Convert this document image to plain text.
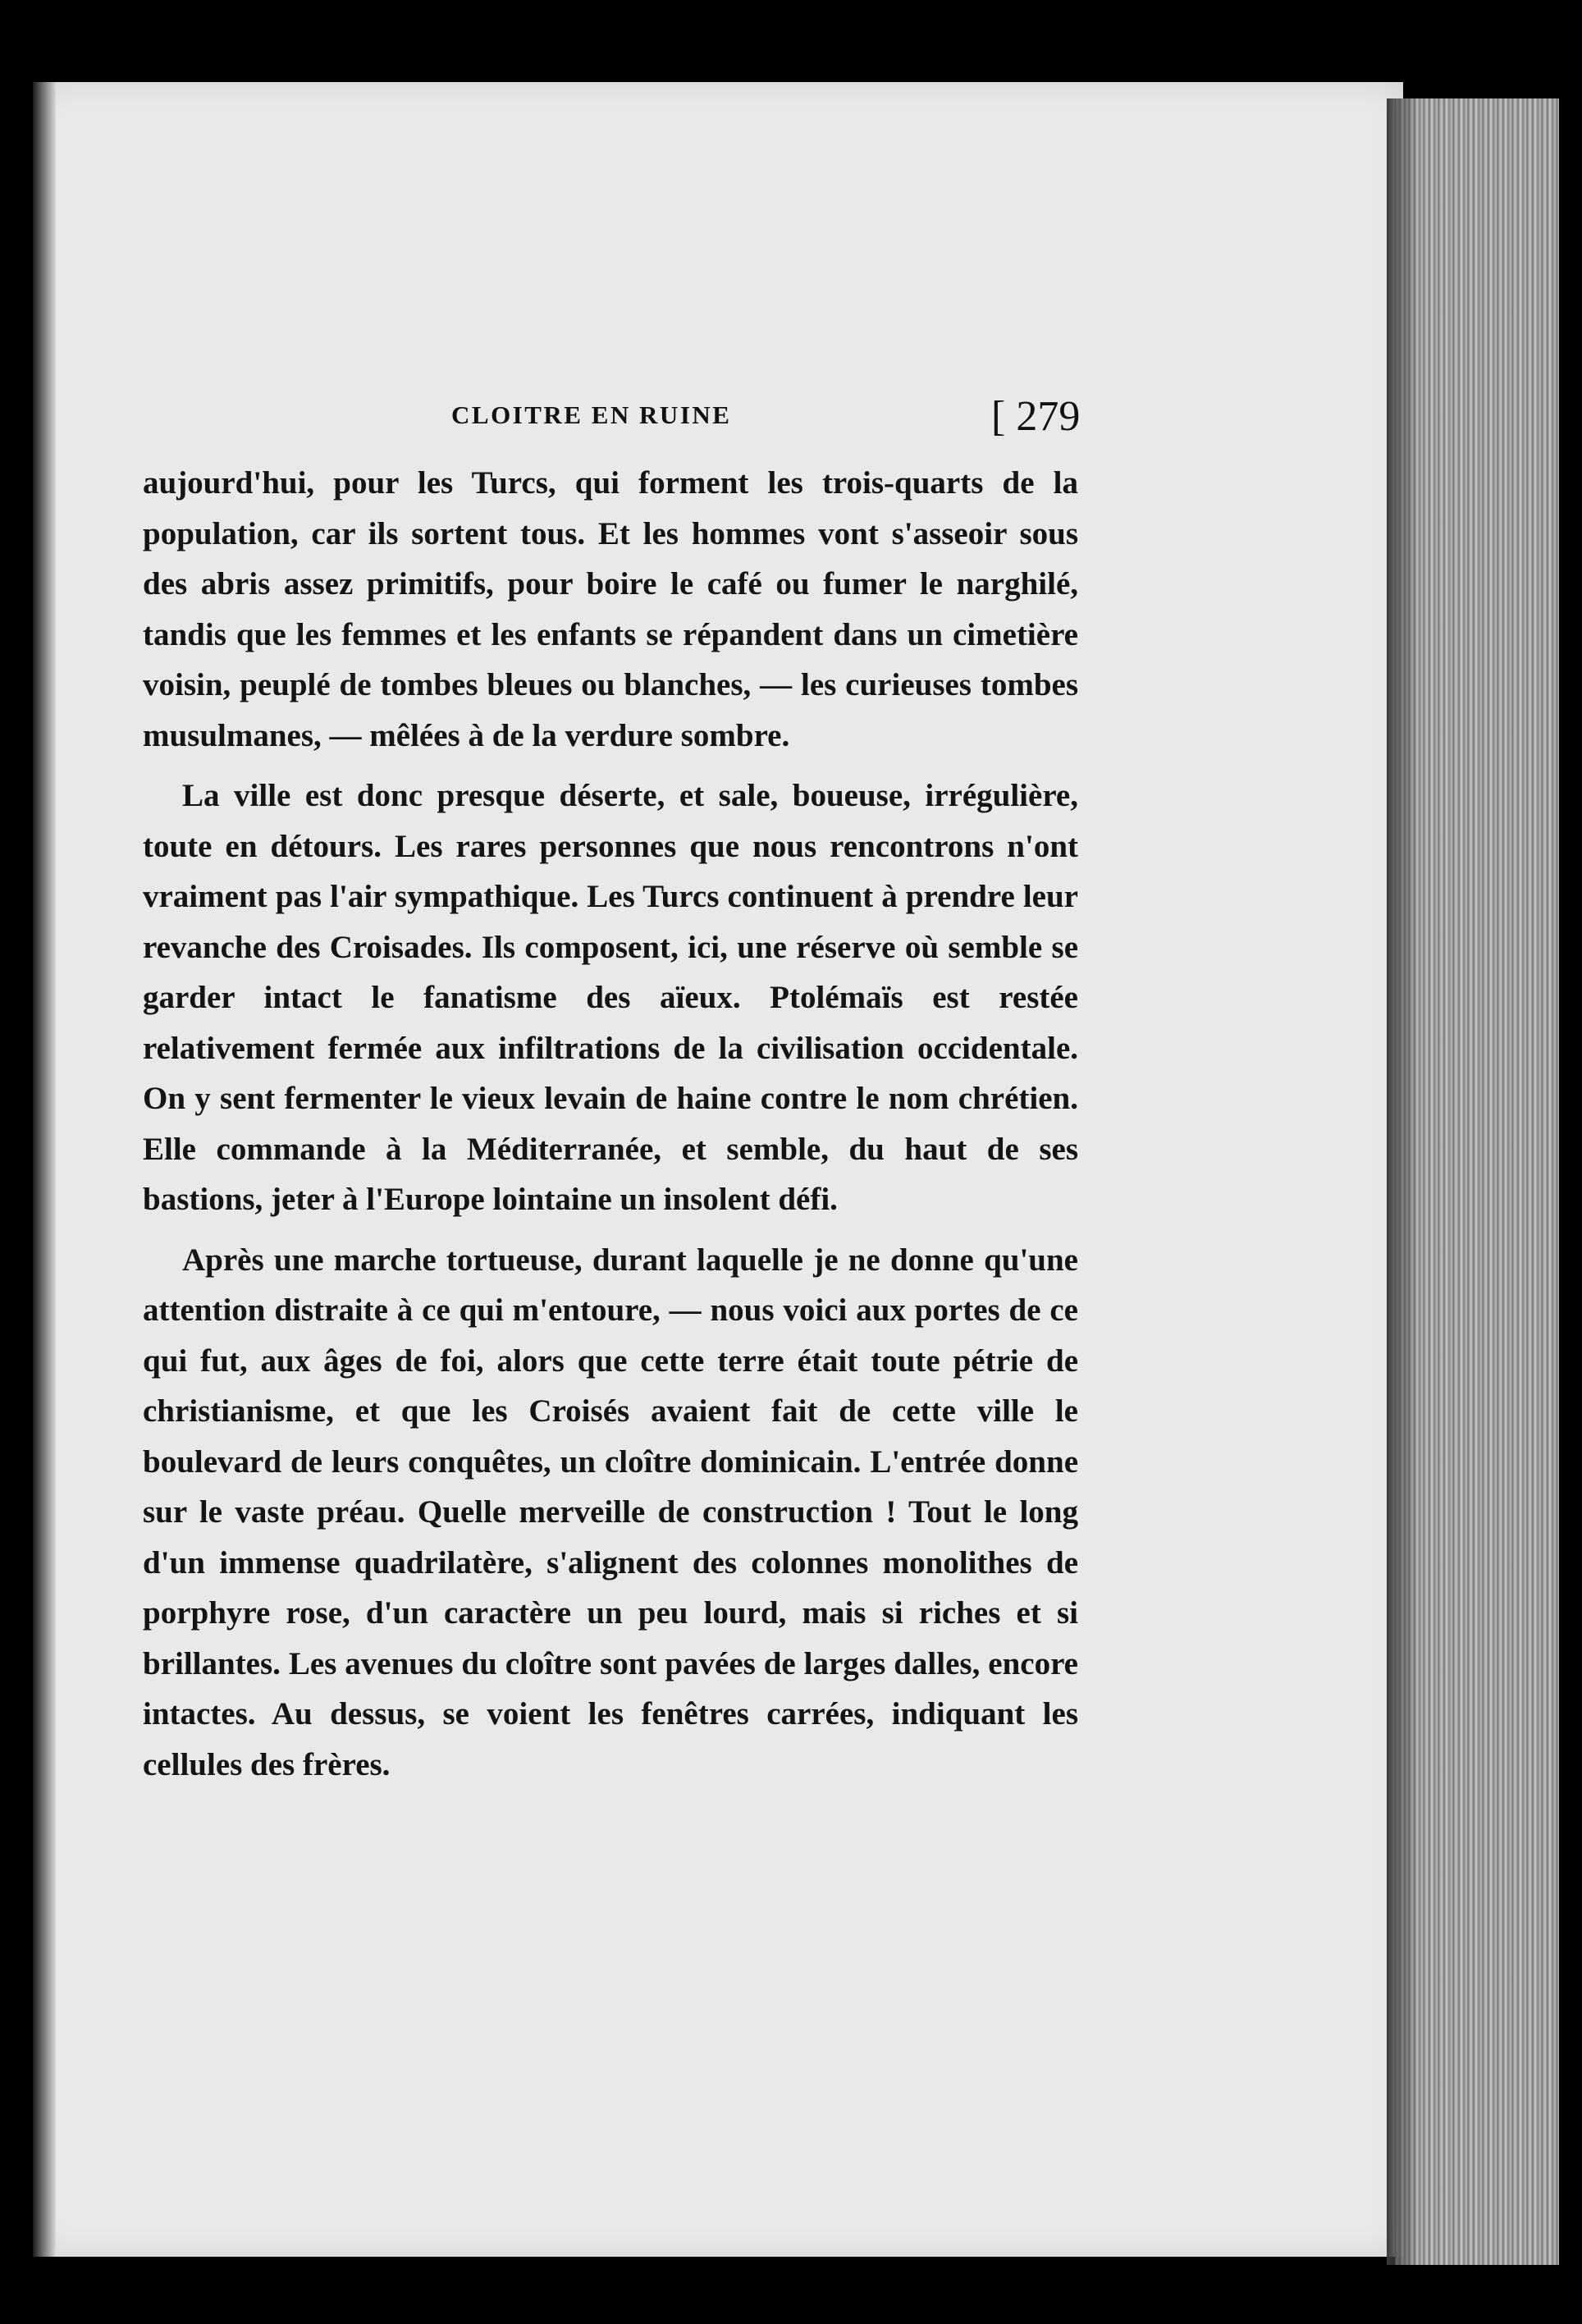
CLOITRE EN RUINE	[ 279

aujourd'hui, pour les Turcs, qui forment les trois-quarts de la population, car ils sortent tous. Et les hommes vont s'asseoir sous des abris assez primitifs, pour boire le café ou fumer le narghilé, tandis que les femmes et les enfants se répandent dans un cimetière voisin, peuplé de tombes bleues ou blanches, — les curieuses tombes musulmanes, — mêlées à de la verdure sombre.

La ville est donc presque déserte, et sale, boueuse, irrégulière, toute en détours. Les rares personnes que nous rencontrons n'ont vraiment pas l'air sympathique. Les Turcs continuent à prendre leur revanche des Croisades. Ils composent, ici, une réserve où semble se garder intact le fanatisme des aïeux. Ptolémaïs est restée relativement fermée aux infiltrations de la civilisation occidentale. On y sent fermenter le vieux levain de haine contre le nom chrétien. Elle commande à la Méditerranée, et semble, du haut de ses bastions, jeter à l'Europe lointaine un insolent défi.

Après une marche tortueuse, durant laquelle je ne donne qu'une attention distraite à ce qui m'entoure, — nous voici aux portes de ce qui fut, aux âges de foi, alors que cette terre était toute pétrie de christianisme, et que les Croisés avaient fait de cette ville le boulevard de leurs conquêtes, un cloître dominicain. L'entrée donne sur le vaste préau. Quelle merveille de construction ! Tout le long d'un immense quadrilatère, s'alignent des colonnes monolithes de porphyre rose, d'un caractère un peu lourd, mais si riches et si brillantes. Les avenues du cloître sont pavées de larges dalles, encore intactes. Au dessus, se voient les fenêtres carrées, indiquant les cellules des frères.
